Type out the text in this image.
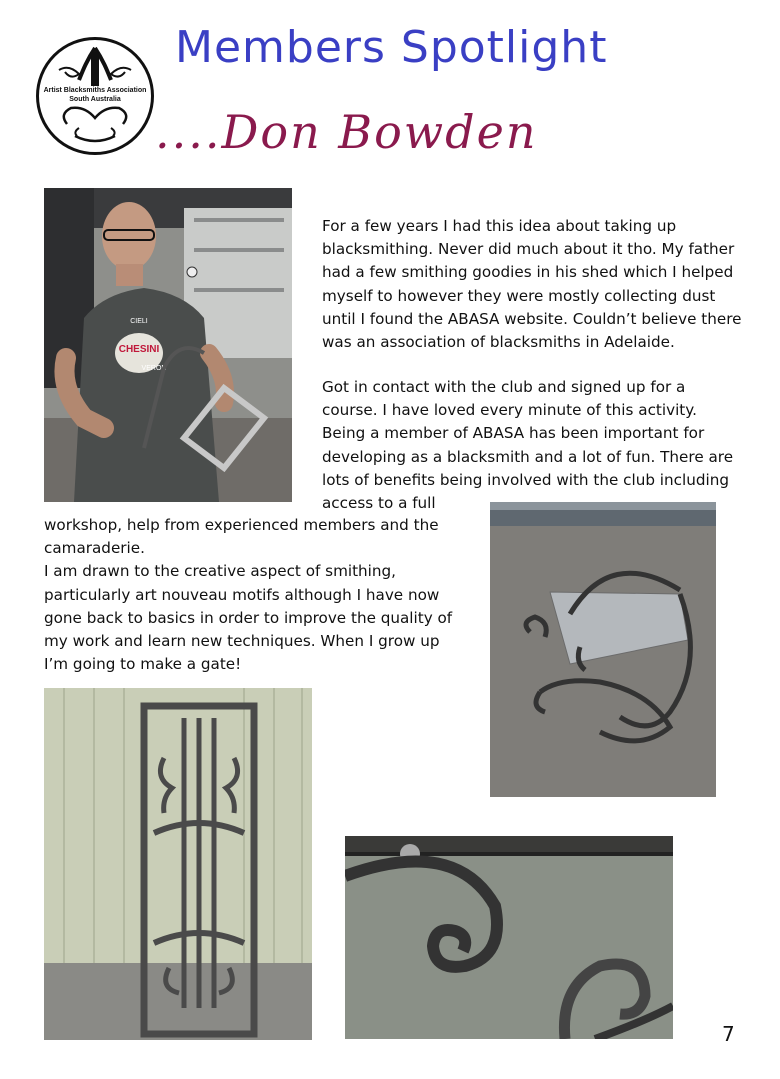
Artist Blacksmiths Association
South Australia
Members Spotlight
....Don Bowden
CHESINI
CIELI
VERON
For a few years I had this idea about taking up blacksmithing. Never did much about it tho. My father had a few smithing goodies in his shed which I helped myself to however they were mostly collecting dust until I found the ABASA website. Couldn’t believe there was an association of blacksmiths in Adelaide.
Got in contact with the club and signed up for a course. I have loved every minute of this activity. Being a member of ABASA has been important for developing as a blacksmith and a lot of fun. There are lots of benefits being involved with the club including access to a full
workshop, help from experienced members and the camaraderie.
I am drawn to the creative aspect of smithing, particularly art nouveau motifs although I have now gone back to basics in order to improve the quality of my work and learn new techniques. When I grow up I’m going to make a gate!
7
